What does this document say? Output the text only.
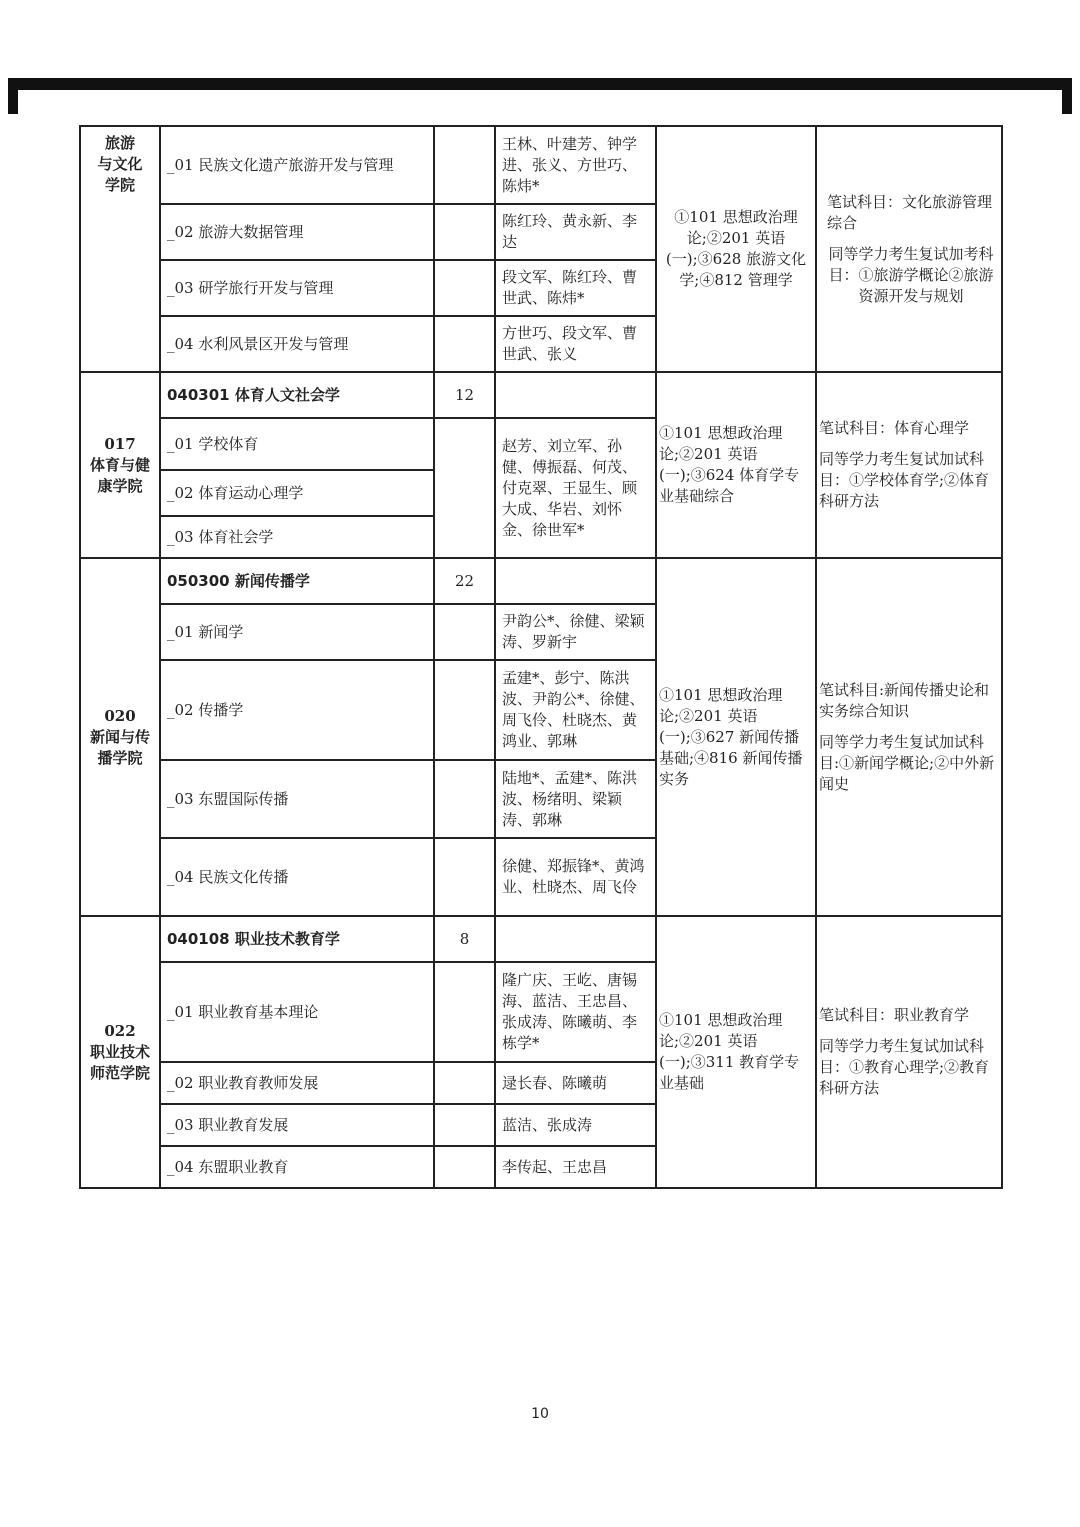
旅游
与文化
学院	_01 民族文化遗产旅游开发与管理		王林、叶建芳、钟学进、张义、方世巧、陈炜*	①101 思想政治理论;②201 英语(一);③628 旅游文化学;④812 管理学	笔试科目：文化旅游管理综合
同等学力考生复试加考科目：①旅游学概论②旅游资源开发与规划

	_02 旅游大数据管理		陈红玲、黄永新、李达		
	_03 研学旅行开发与管理		段文军、陈红玲、曹世武、陈炜*		
	_04 水利风景区开发与管理		方世巧、段文军、曹世武、张义		
017
体育与健
康学院	040301 体育人文社会学	12		①101 思想政治理论;②201 英语(一);③624 体育学专业基础综合	笔试科目：体育心理学
同等学力考生复试加试科目：①学校体育学;②体育科研方法

	_01 学校体育		赵芳、刘立军、孙健、傅振磊、何茂、付克翠、王显生、顾大成、华岩、刘怀金、徐世军*		
	_02 体育运动心理学				
	_03 体育社会学				
020
新闻与传
播学院	050300 新闻传播学	22		①101 思想政治理论;②201 英语(一);③627 新闻传播基础;④816 新闻传播实务	笔试科目:新闻传播史论和实务综合知识
同等学力考生复试加试科目:①新闻学概论;②中外新闻史

	_01 新闻学		尹韵公*、徐健、梁颖涛、罗新宇		
	_02 传播学		孟建*、彭宁、陈洪波、尹韵公*、徐健、周飞伶、杜晓杰、黄鸿业、郭琳		
	_03 东盟国际传播		陆地*、孟建*、陈洪波、杨绪明、梁颖涛、郭琳		
	_04 民族文化传播		徐健、郑振锋*、黄鸿业、杜晓杰、周飞伶		
022
职业技术
师范学院	040108 职业技术教育学	8		①101 思想政治理论;②201 英语(一);③311 教育学专业基础	笔试科目：职业教育学
同等学力考生复试加试科目：①教育心理学;②教育科研方法

	_01 职业教育基本理论		隆广庆、王屹、唐锡海、蓝洁、王忠昌、张成涛、陈曦萌、李栋学*		
	_02 职业教育教师发展		逯长春、陈曦萌		
	_03 职业教育发展		蓝洁、张成涛		
	_04 东盟职业教育		李传起、王忠昌		
10
